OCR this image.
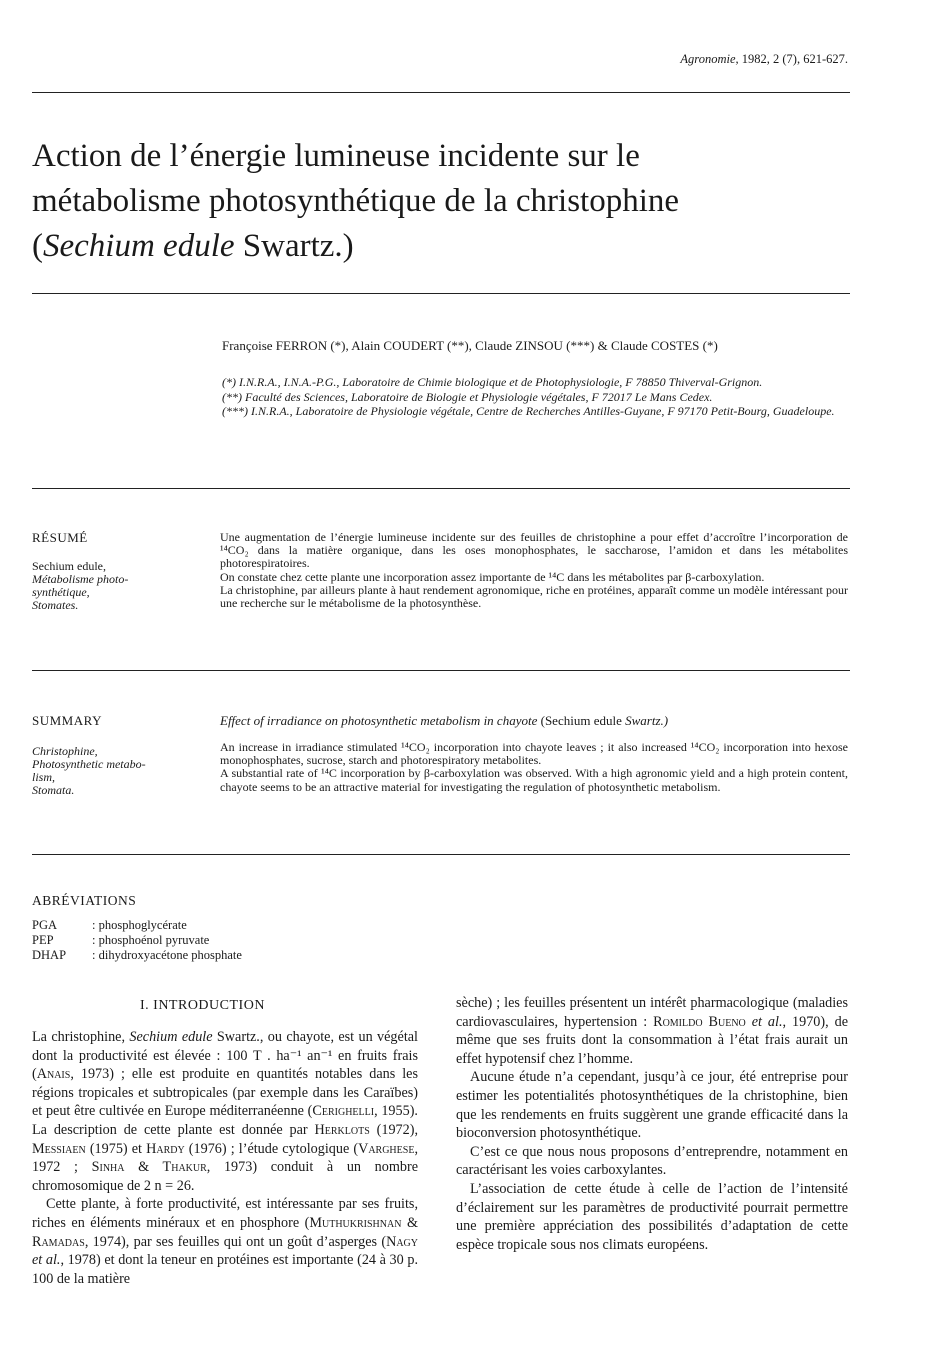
Agronomie, 1982, 2 (7), 621-627.
Action de l’énergie lumineuse incidente sur le
métabolisme photosynthétique de la christophine
(Sechium edule Swartz.)
Françoise FERRON (*), Alain COUDERT (**), Claude ZINSOU (***) & Claude COSTES (*)

(*) I.N.R.A., I.N.A.-P.G., Laboratoire de Chimie biologique et de Photophysiologie, F 78850 Thiverval-Grignon.

(**) Faculté des Sciences, Laboratoire de Biologie et Physiologie végétales, F 72017 Le Mans Cedex.

(***) I.N.R.A., Laboratoire de Physiologie végétale, Centre de Recherches Antilles-Guyane, F 97170 Petit-Bourg, Guadeloupe.

RÉSUMÉ

Sechium edule,

Métabolisme photo-

synthétique,

Stomates.

Une augmentation de l’énergie lumineuse incidente sur des feuilles de christophine a pour effet d’accroître l’incorporation de ¹⁴CO₂ dans la matière organique, dans les oses monophosphates, le saccharose, l’amidon et dans les métabolites photorespiratoires.

On constate chez cette plante une incorporation assez importante de ¹⁴C dans les métabolites par β-carboxylation.

La christophine, par ailleurs plante à haut rendement agronomique, riche en protéines, apparaît comme un modèle intéressant pour une recherche sur le métabolisme de la photosynthèse.

SUMMARY	Effect of irradiance on photosynthetic metabolism in chayote (Sechium edule Swartz.)

Christophine,

Photosynthetic metabo-

lism,

Stomata.

An increase in irradiance stimulated ¹⁴CO₂ incorporation into chayote leaves ; it also increased ¹⁴CO₂ incorporation into hexose monophosphates, sucrose, starch and photorespiratory metabolites.

A substantial rate of ¹⁴C incorporation by β-carboxylation was observed. With a high agronomic yield and a high protein content, chayote seems to be an attractive material for investigating the regulation of photosynthetic metabolism.

ABRÉVIATIONS
PGA	: phosphoglycérate
PEP	: phosphoénol pyruvate
DHAP	: dihydroxyacétone phosphate
I. INTRODUCTION

La christophine, Sechium edule Swartz., ou chayote, est un végétal dont la productivité est élevée : 100 T . ha⁻¹ an⁻¹ en fruits frais (Anais, 1973) ; elle est produite en quantités notables dans les régions tropicales et subtropicales (par exemple dans les Caraïbes) et peut être cultivée en Europe méditerranéenne (Cerighelli, 1955). La description de cette plante est donnée par Herklots (1972), Messiaen (1975) et Hardy (1976) ; l’étude cytologique (Varghese, 1972 ; Sinha & Thakur, 1973) conduit à un nombre chromosomique de 2 n = 26.

Cette plante, à forte productivité, est intéressante par ses fruits, riches en éléments minéraux et en phosphore (Muthukrishnan & Ramadas, 1974), par ses feuilles qui ont un goût d’asperges (Nagy et al., 1978) et dont la teneur en protéines est importante (24 à 30 p. 100 de la matière

sèche) ; les feuilles présentent un intérêt pharmacologique (maladies cardiovasculaires, hypertension : Romildo Bueno et al., 1970), de même que ses fruits dont la consommation à l’état frais aurait un effet hypotensif chez l’homme.

Aucune étude n’a cependant, jusqu’à ce jour, été entreprise pour estimer les potentialités photosynthétiques de la christophine, bien que les rendements en fruits suggèrent une grande efficacité dans la bioconversion photosynthétique.

C’est ce que nous nous proposons d’entreprendre, notamment en caractérisant les voies carboxylantes.

L’association de cette étude à celle de l’action de l’intensité d’éclairement sur les paramètres de productivité pourrait permettre une première appréciation des possibilités d’adaptation de cette espèce tropicale sous nos climats européens.
